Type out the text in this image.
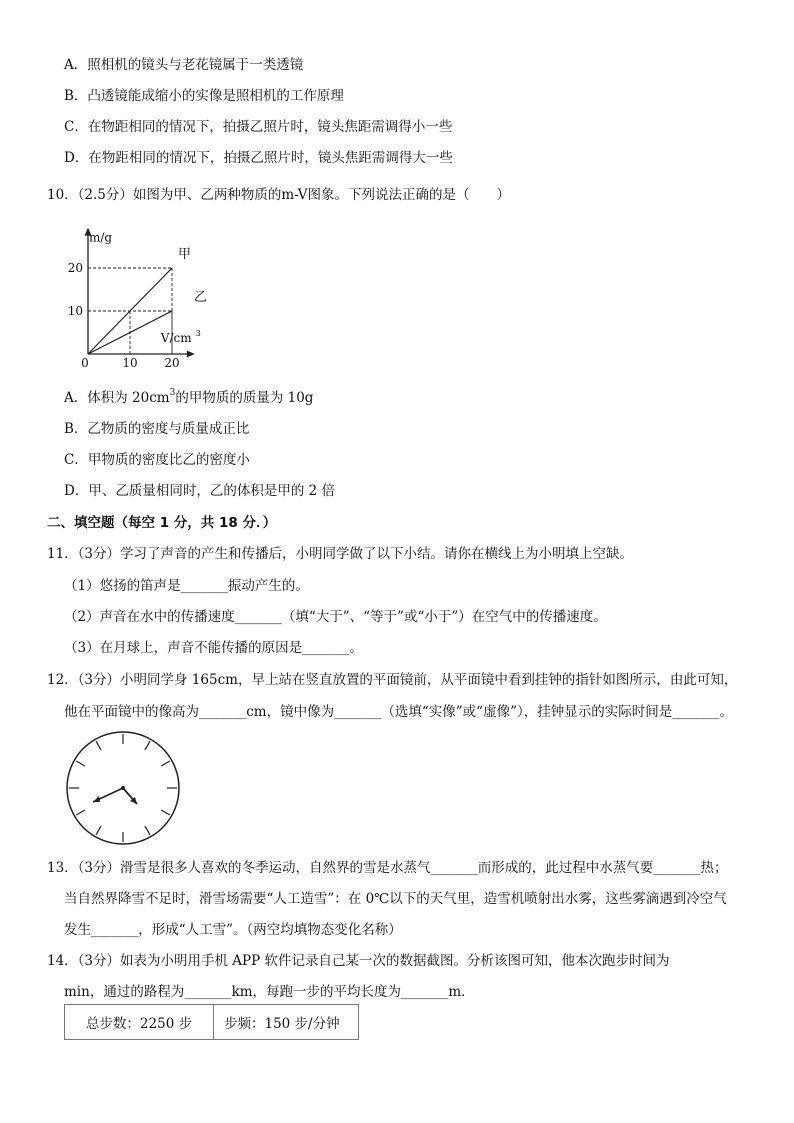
A．照相机的镜头与老花镜属于一类透镜
B．凸透镜能成缩小的实像是照相机的工作原理
C．在物距相同的情况下，拍摄乙照片时，镜头焦距需调得小一些
D．在物距相同的情况下，拍摄乙照片时，镜头焦距需调得大一些
10．（2.5分）如图为甲、乙两种物质的m-V图象。下列说法正确的是（　　）
m/g
V/cm 3
0	10 20
10
20
甲
乙
A．体积为 $20cm^3$的甲物质的质量为 10g
B．乙物质的密度与质量成正比
C．甲物质的密度比乙的密度小
D．甲、乙质量相同时，乙的体积是甲的 2 倍
二、填空题（每空 1 分，共 18 分．）
11．（3分）学习了声音的产生和传播后，小明同学做了以下小结。请你在横线上为小明填上空缺。
（1）悠扬的笛声是_______振动产生的。
（2）声音在水中的传播速度_______（填“大于”、“等于”或“小于”）在空气中的传播速度。
（3）在月球上，声音不能传播的原因是_______。
12．（3分）小明同学身 165cm，早上站在竖直放置的平面镜前，从平面镜中看到挂钟的指针如图所示，由此可知，
他在平面镜中的像高为_______cm，镜中像为_______（选填“实像”或“虚像”），挂钟显示的实际时间是_______。
13．（3分）滑雪是很多人喜欢的冬季运动，自然界的雪是水蒸气_______而形成的，此过程中水蒸气要_______热；
当自然界降雪不足时，滑雪场需要“人工造雪”：在 0℃以下的天气里，造雪机喷射出水雾，这些雾滴遇到冷空气
发生_______，形成“人工雪”。（两空均填物态变化名称）
14．（3分）如表为小明用手机 APP 软件记录自己某一次的数据截图。分析该图可知，他本次跑步时间为
min，通过的路程为_______km，每跑一步的平均长度为_______m．
总步数：2250 步	步频：150 步/分钟
